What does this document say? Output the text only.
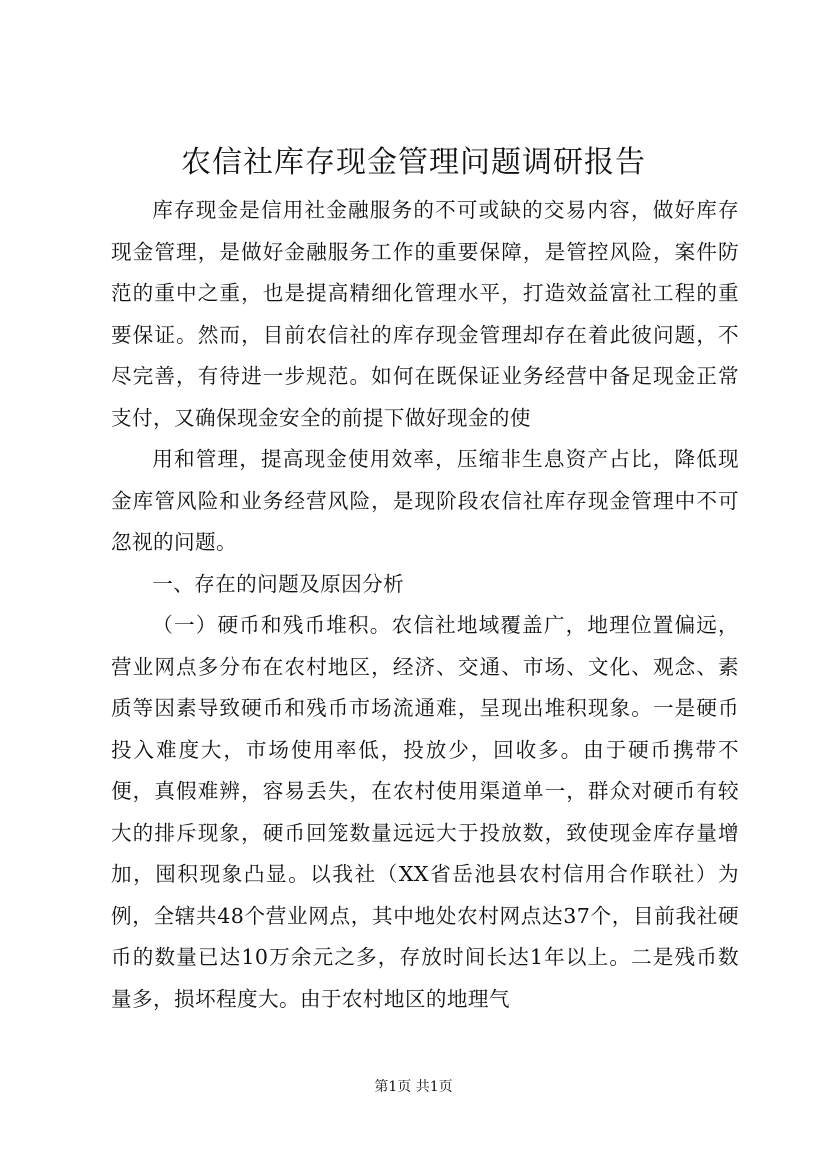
农信社库存现金管理问题调研报告

库存现金是信用社金融服务的不可或缺的交易内容，做好库存现金管理，是做好金融服务工作的重要保障，是管控风险，案件防范的重中之重，也是提高精细化管理水平，打造效益富社工程的重要保证。然而，目前农信社的库存现金管理却存在着此彼问题，不尽完善，有待进一步规范。如何在既保证业务经营中备足现金正常支付，又确保现金安全的前提下做好现金的使

用和管理，提高现金使用效率，压缩非生息资产占比，降低现金库管风险和业务经营风险，是现阶段农信社库存现金管理中不可忽视的问题。

一、存在的问题及原因分析

（一）硬币和残币堆积。农信社地域覆盖广，地理位置偏远，营业网点多分布在农村地区，经济、交通、市场、文化、观念、素质等因素导致硬币和残币市场流通难，呈现出堆积现象。一是硬币投入难度大，市场使用率低，投放少，回收多。由于硬币携带不便，真假难辨，容易丢失，在农村使用渠道单一，群众对硬币有较大的排斥现象，硬币回笼数量远远大于投放数，致使现金库存量增加，囤积现象凸显。以我社（XX省岳池县农村信用合作联社）为例，全辖共48个营业网点，其中地处农村网点达37个，目前我社硬币的数量已达10万余元之多，存放时间长达1年以上。二是残币数量多，损坏程度大。由于农村地区的地理气

第1页 共1页
